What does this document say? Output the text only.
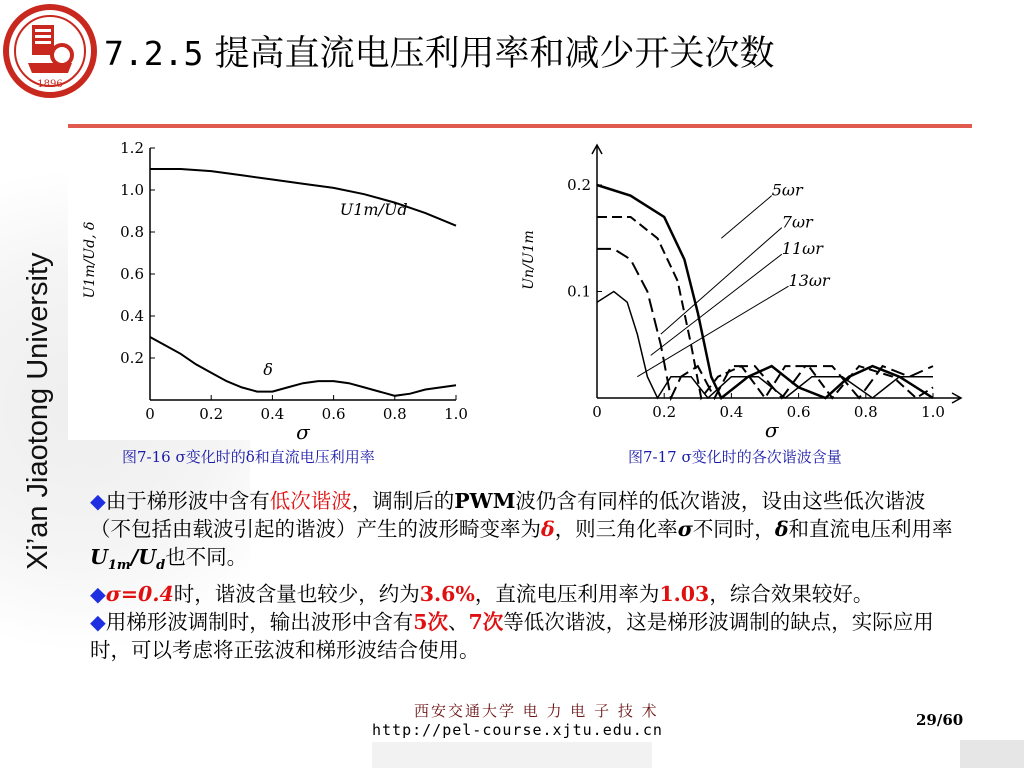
1896
7.2.5 提高直流电压利用率和减少开关次数
Xi’an Jiaotong University	0	0.2 0.4 0.6 0.8 1.0
0.2
0.4
0.6
0.8
1.0
1.2
σ
U1m/Ud, δ
U1m/Ud
δ
0	0.2	0.4	0.6	0.8	1.0
0.1
0.2
σ
Un/U1m
5ωr
7ωr
11ωr
13ωr
图7-16 σ变化时的δ和直流电压利用率	图7-17 σ变化时的各次谐波含量

◆由于梯形波中含有低次谐波，调制后的PWM波仍含有同样的低次谐波，设由这些低次谐波（不包括由载波引起的谐波）产生的波形畸变率为δ，则三角化率σ不同时，δ和直流电压利用率$U_{1m}/U_d$也不同。

◆σ=0.4时，谐波含量也较少，约为3.6%，直流电压利用率为1.03，综合效果较好。

◆用梯形波调制时，输出波形中含有5次、7次等低次谐波，这是梯形波调制的缺点，实际应用时，可以考虑将正弦波和梯形波结合使用。

西安交通大学 电 力 电 子 技 术
http://pel-course.xjtu.edu.cn
29/60
